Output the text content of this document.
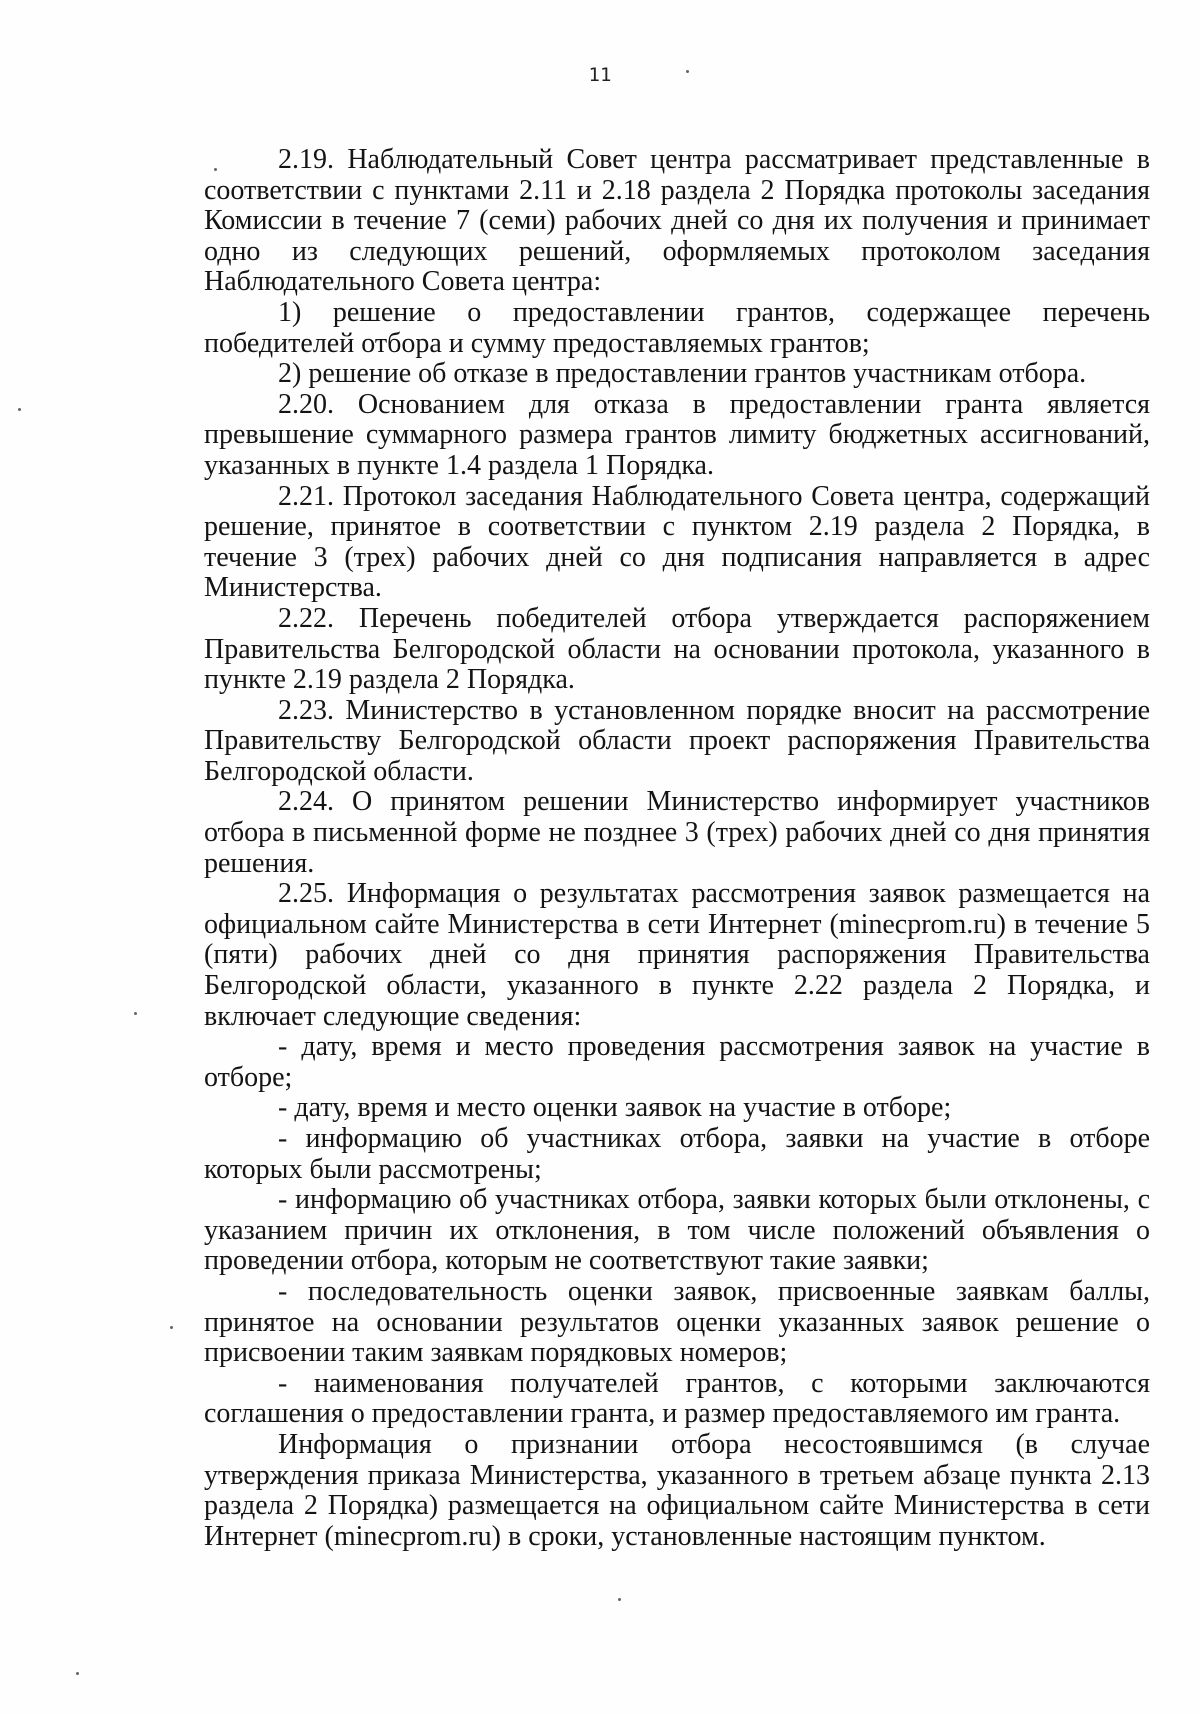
11

2.19. Наблюдательный Совет центра рассматривает представленные в соответствии с пунктами 2.11 и 2.18 раздела 2 Порядка протоколы заседания Комиссии в течение 7 (семи) рабочих дней со дня их получения и принимает одно из следующих решений, оформляемых протоколом заседания Наблюдательного Совета центра:

1) решение о предоставлении грантов, содержащее перечень победителей отбора и сумму предоставляемых грантов;

2) решение об отказе в предоставлении грантов участникам отбора.

2.20. Основанием для отказа в предоставлении гранта является превышение суммарного размера грантов лимиту бюджетных ассигнований, указанных в пункте 1.4 раздела 1 Порядка.

2.21. Протокол заседания Наблюдательного Совета центра, содержащий решение, принятое в соответствии с пунктом 2.19 раздела 2 Порядка, в течение 3 (трех) рабочих дней со дня подписания направляется в адрес Министерства.

2.22. Перечень победителей отбора утверждается распоряжением Правительства Белгородской области на основании протокола, указанного в пункте 2.19 раздела 2 Порядка.

2.23. Министерство в установленном порядке вносит на рассмотрение Правительству Белгородской области проект распоряжения Правительства Белгородской области.

2.24. О принятом решении Министерство информирует участников отбора в письменной форме не позднее 3 (трех) рабочих дней со дня принятия решения.

2.25. Информация о результатах рассмотрения заявок размещается на официальном сайте Министерства в сети Интернет (minecprom.ru) в течение 5 (пяти) рабочих дней со дня принятия распоряжения Правительства Белгородской области, указанного в пункте 2.22 раздела 2 Порядка, и включает следующие сведения:

- дату, время и место проведения рассмотрения заявок на участие в отборе;

- дату, время и место оценки заявок на участие в отборе;

- информацию об участниках отбора, заявки на участие в отборе которых были рассмотрены;

- информацию об участниках отбора, заявки которых были отклонены, с указанием причин их отклонения, в том числе положений объявления о проведении отбора, которым не соответствуют такие заявки;

- последовательность оценки заявок, присвоенные заявкам баллы, принятое на основании результатов оценки указанных заявок решение о присвоении таким заявкам порядковых номеров;

- наименования получателей грантов, с которыми заключаются соглашения о предоставлении гранта, и размер предоставляемого им гранта.

Информация о признании отбора несостоявшимся (в случае утверждения приказа Министерства, указанного в третьем абзаце пункта 2.13 раздела 2 Порядка) размещается на официальном сайте Министерства в сети Интернет (minecprom.ru) в сроки, установленные настоящим пунктом.
